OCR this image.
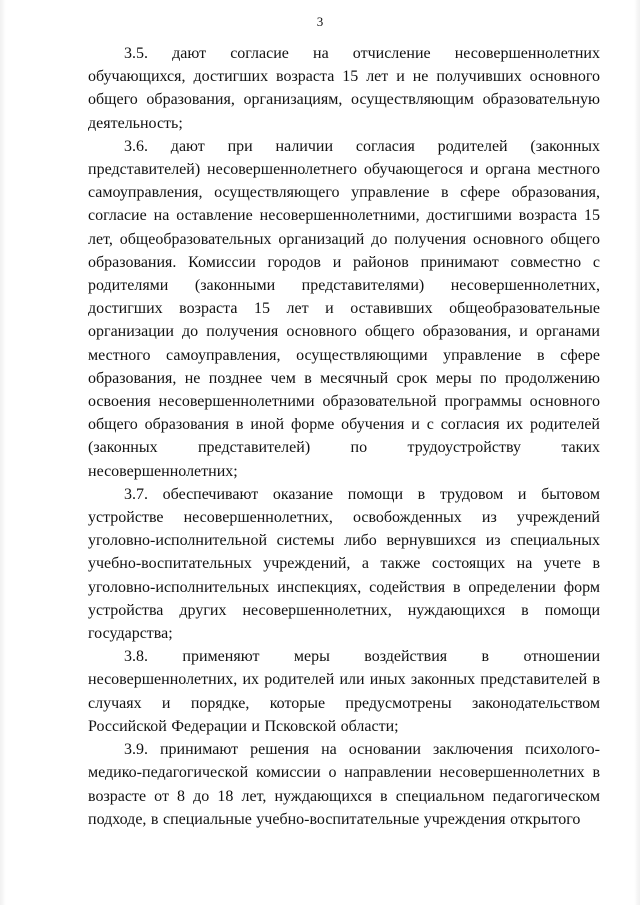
3

3.5. дают согласие на отчисление несовершеннолетних обучающихся, достигших возраста 15 лет и не получивших основного общего образования, организациям, осуществляющим образовательную деятельность;

3.6. дают при наличии согласия родителей (законных представителей) несовершеннолетнего обучающегося и органа местного самоуправления, осуществляющего управление в сфере образования, согласие на оставление несовершеннолетними, достигшими возраста 15 лет, общеобразовательных организаций до получения основного общего образования. Комиссии городов и районов принимают совместно с родителями (законными представителями) несовершеннолетних, достигших возраста 15 лет и оставивших общеобразовательные организации до получения основного общего образования, и органами местного самоуправления, осуществляющими управление в сфере образования, не позднее чем в месячный срок меры по продолжению освоения несовершеннолетними образовательной программы основного общего образования в иной форме обучения и с согласия их родителей (законных представителей) по трудоустройству таких несовершеннолетних;

3.7. обеспечивают оказание помощи в трудовом и бытовом устройстве несовершеннолетних, освобожденных из учреждений уголовно-исполнительной системы либо вернувшихся из специальных учебно-воспитательных учреждений, а также состоящих на учете в уголовно-исполнительных инспекциях, содействия в определении форм устройства других несовершеннолетних, нуждающихся в помощи государства;

3.8. применяют меры воздействия в отношении несовершеннолетних, их родителей или иных законных представителей в случаях и порядке, которые предусмотрены законодательством Российской Федерации и Псковской области;

3.9. принимают решения на основании заключения психолого-медико-педагогической комиссии о направлении несовершеннолетних в возрасте от 8 до 18 лет, нуждающихся в специальном педагогическом подходе, в специальные учебно-воспитательные учреждения открытого
